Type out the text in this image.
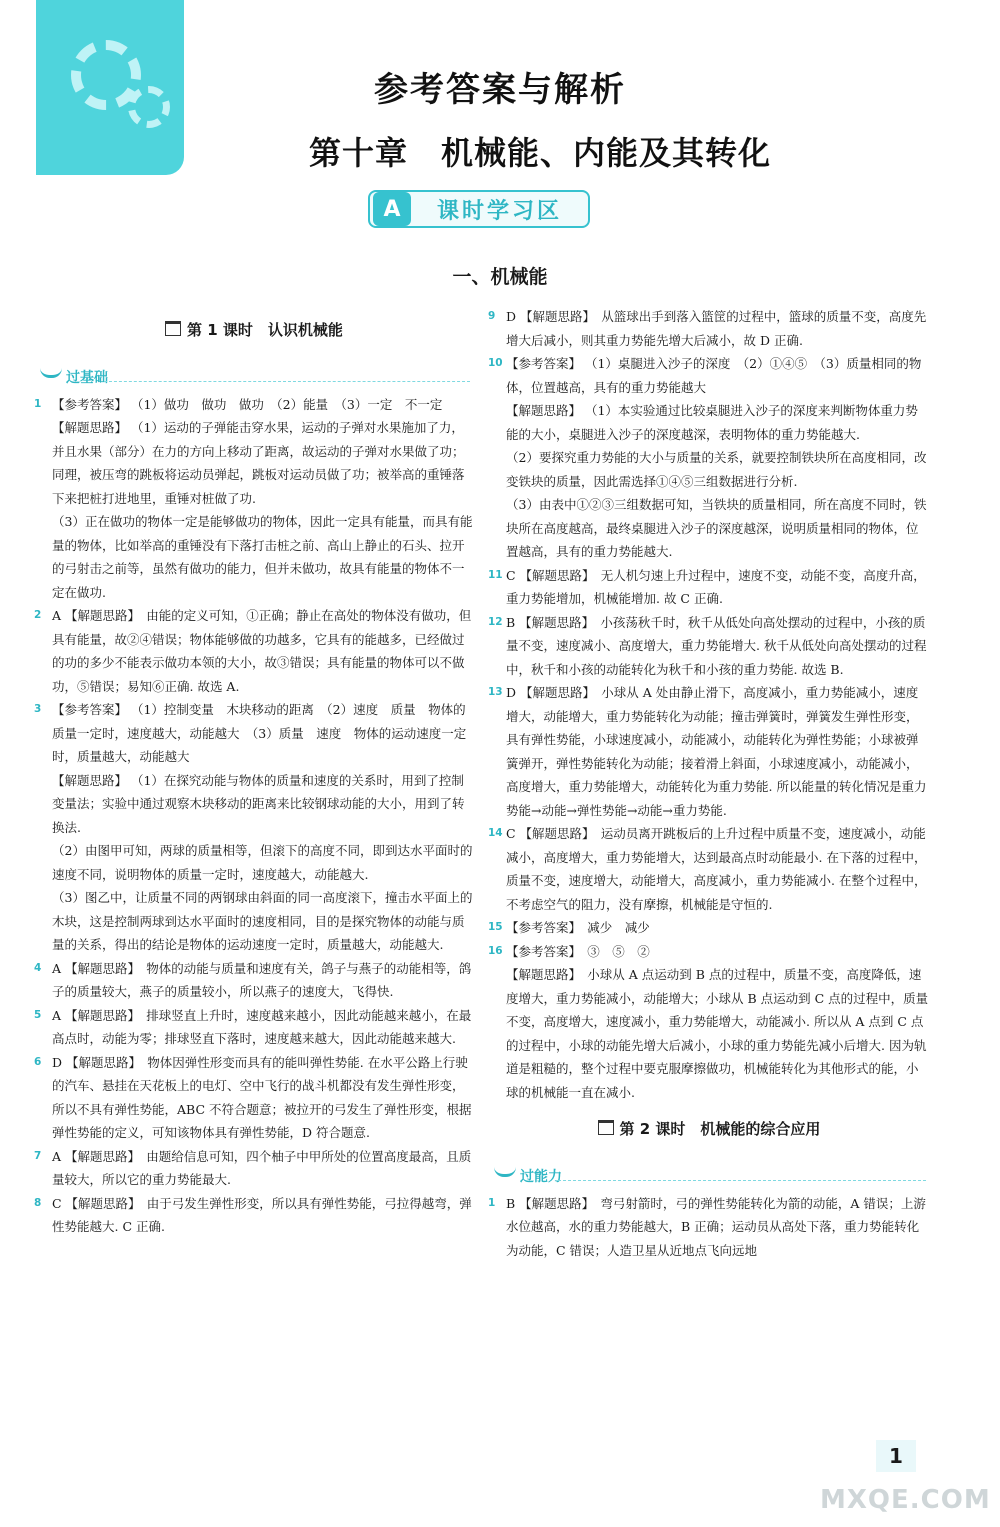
参考答案与解析
第十章　机械能、内能及其转化
A	课时学习区
一、机械能
第 1 课时　认识机械能
过基础
1 【参考答案】 （1）做功　做功　做功　（2）能量　（3）一定　不一定

【解题思路】 （1）运动的子弹能击穿水果，运动的子弹对水果施加了力，并且水果（部分）在力的方向上移动了距离，故运动的子弹对水果做了功；同理，被压弯的跳板将运动员弹起，跳板对运动员做了功；被举高的重锤落下来把桩打进地里，重锤对桩做了功.

（3）正在做功的物体一定是能够做功的物体，因此一定具有能量，而具有能量的物体，比如举高的重锤没有下落打击桩之前、高山上静止的石头、拉开的弓射击之前等，虽然有做功的能力，但并未做功，故具有能量的物体不一定在做功.

2 A 【解题思路】　由能的定义可知，①正确；静止在高处的物体没有做功，但具有能量，故②④错误；物体能够做的功越多，它具有的能越多，已经做过的功的多少不能表示做功本领的大小，故③错误；具有能量的物体可以不做功，⑤错误；易知⑥正确. 故选 A.

3 【参考答案】 （1）控制变量　木块移动的距离　（2）速度　质量　物体的质量一定时，速度越大，动能越大　（3）质量　速度　物体的运动速度一定时，质量越大，动能越大

【解题思路】 （1）在探究动能与物体的质量和速度的关系时，用到了控制变量法；实验中通过观察木块移动的距离来比较钢球动能的大小，用到了转换法.

（2）由图甲可知，两球的质量相等，但滚下的高度不同，即到达水平面时的速度不同，说明物体的质量一定时，速度越大，动能越大.

（3）图乙中，让质量不同的两钢球由斜面的同一高度滚下，撞击水平面上的木块，这是控制两球到达水平面时的速度相同，目的是探究物体的动能与质量的关系，得出的结论是物体的运动速度一定时，质量越大，动能越大.

4 A 【解题思路】　物体的动能与质量和速度有关，鸽子与燕子的动能相等，鸽子的质量较大，燕子的质量较小，所以燕子的速度大，飞得快.

5 A 【解题思路】　排球竖直上升时，速度越来越小，因此动能越来越小，在最高点时，动能为零；排球竖直下落时，速度越来越大，因此动能越来越大.

6 D 【解题思路】　物体因弹性形变而具有的能叫弹性势能. 在水平公路上行驶的汽车、悬挂在天花板上的电灯、空中飞行的战斗机都没有发生弹性形变，所以不具有弹性势能，ABC 不符合题意；被拉开的弓发生了弹性形变，根据弹性势能的定义，可知该物体具有弹性势能，D 符合题意.

7 A 【解题思路】　由题给信息可知，四个柚子中甲所处的位置高度最高，且质量较大，所以它的重力势能最大.

8 C 【解题思路】　由于弓发生弹性形变，所以具有弹性势能，弓拉得越弯，弹性势能越大. C 正确.

9 D 【解题思路】　从篮球出手到落入篮筐的过程中，篮球的质量不变，高度先增大后减小，则其重力势能先增大后减小，故 D 正确.

10 【参考答案】 （1）桌腿进入沙子的深度　（2）①④⑤　（3）质量相同的物体，位置越高，具有的重力势能越大

【解题思路】 （1）本实验通过比较桌腿进入沙子的深度来判断物体重力势能的大小，桌腿进入沙子的深度越深，表明物体的重力势能越大.

（2）要探究重力势能的大小与质量的关系，就要控制铁块所在高度相同，改变铁块的质量，因此需选择①④⑤三组数据进行分析.

（3）由表中①②③三组数据可知，当铁块的质量相同，所在高度不同时，铁块所在高度越高，最终桌腿进入沙子的深度越深，说明质量相同的物体，位置越高，具有的重力势能越大.

11 C 【解题思路】　无人机匀速上升过程中，速度不变，动能不变，高度升高，重力势能增加，机械能增加. 故 C 正确.

12 B 【解题思路】　小孩荡秋千时，秋千从低处向高处摆动的过程中，小孩的质量不变，速度减小、高度增大，重力势能增大. 秋千从低处向高处摆动的过程中，秋千和小孩的动能转化为秋千和小孩的重力势能. 故选 B.

13 D 【解题思路】　小球从 A 处由静止滑下，高度减小，重力势能减小，速度增大，动能增大，重力势能转化为动能；撞击弹簧时，弹簧发生弹性形变，具有弹性势能，小球速度减小，动能减小，动能转化为弹性势能；小球被弹簧弹开，弹性势能转化为动能；接着滑上斜面，小球速度减小，动能减小，高度增大，重力势能增大，动能转化为重力势能. 所以能量的转化情况是重力势能→动能→弹性势能→动能→重力势能.

14 C 【解题思路】　运动员离开跳板后的上升过程中质量不变，速度减小，动能减小，高度增大，重力势能增大，达到最高点时动能最小. 在下落的过程中，质量不变，速度增大，动能增大，高度减小，重力势能减小. 在整个过程中，不考虑空气的阻力，没有摩擦，机械能是守恒的.

15 【参考答案】　减少　减少

16 【参考答案】　③　⑤　②

【解题思路】　小球从 A 点运动到 B 点的过程中，质量不变，高度降低，速度增大，重力势能减小，动能增大；小球从 B 点运动到 C 点的过程中，质量不变，高度增大，速度减小，重力势能增大，动能减小. 所以从 A 点到 C 点的过程中，小球的动能先增大后减小，小球的重力势能先减小后增大. 因为轨道是粗糙的，整个过程中要克服摩擦做功，机械能转化为其他形式的能，小球的机械能一直在减小.

第 2 课时　机械能的综合应用
过能力
1 B 【解题思路】　弯弓射箭时，弓的弹性势能转化为箭的动能，A 错误；上游水位越高，水的重力势能越大，B 正确；运动员从高处下落，重力势能转化为动能，C 错误；人造卫星从近地点飞向远地

1
MXQE.COM
